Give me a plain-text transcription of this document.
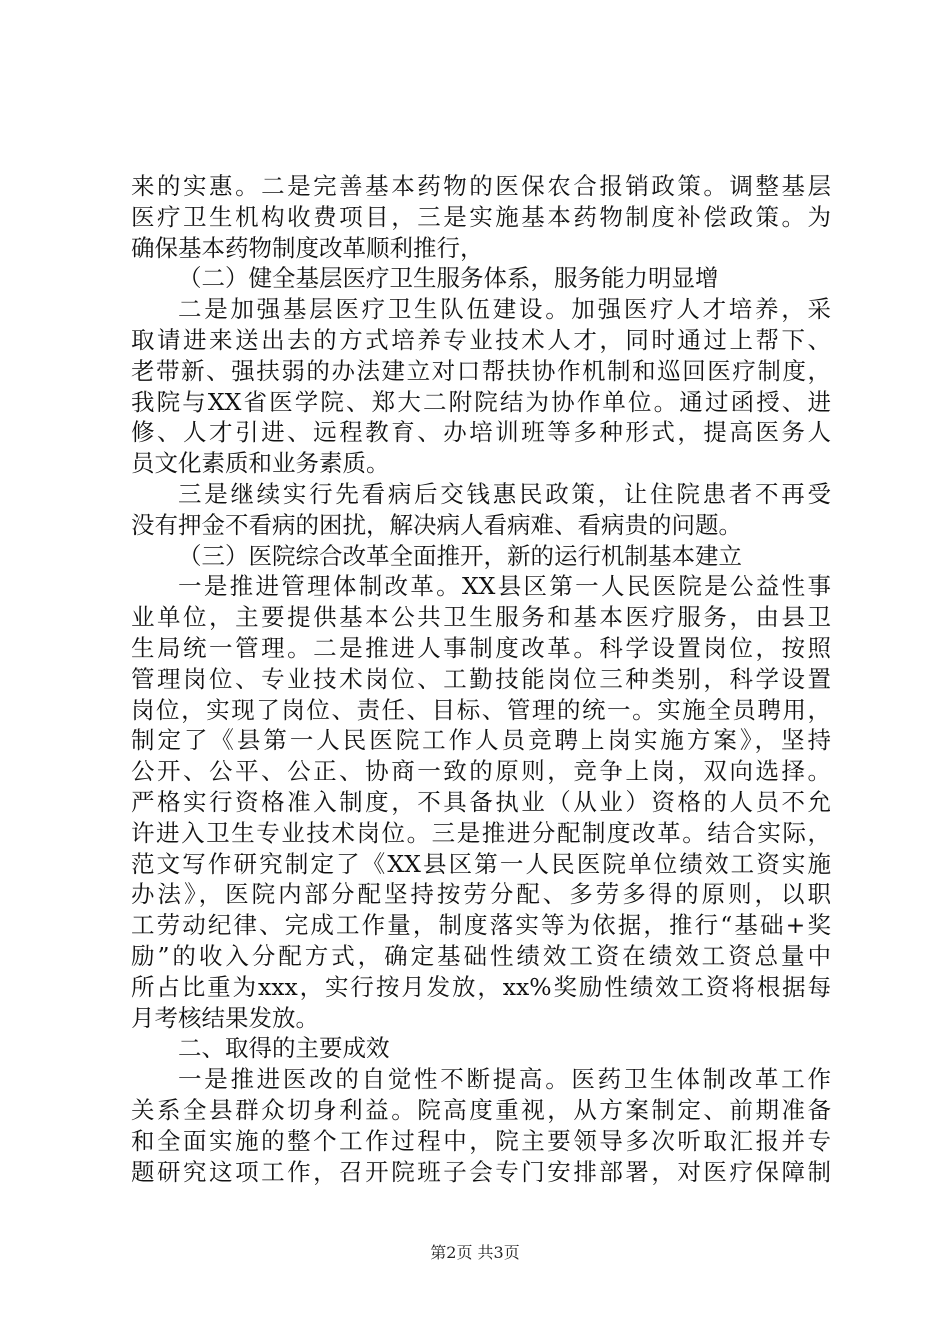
来的实惠。二是完善基本药物的医保农合报销政策。调整基层
医疗卫生机构收费项目，三是实施基本药物制度补偿政策。为
确保基本药物制度改革顺利推行，
（二）健全基层医疗卫生服务体系，服务能力明显增
二是加强基层医疗卫生队伍建设。加强医疗人才培养，采
取请进来送出去的方式培养专业技术人才，同时通过上帮下、
老带新、强扶弱的办法建立对口帮扶协作机制和巡回医疗制度，
我院与XX省医学院、郑大二附院结为协作单位。通过函授、进
修、人才引进、远程教育、办培训班等多种形式，提高医务人
员文化素质和业务素质。
三是继续实行先看病后交钱惠民政策，让住院患者不再受
没有押金不看病的困扰，解决病人看病难、看病贵的问题。
（三）医院综合改革全面推开，新的运行机制基本建立
一是推进管理体制改革。XX县区第一人民医院是公益性事
业单位，主要提供基本公共卫生服务和基本医疗服务，由县卫
生局统一管理。二是推进人事制度改革。科学设置岗位，按照
管理岗位、专业技术岗位、工勤技能岗位三种类别，科学设置
岗位，实现了岗位、责任、目标、管理的统一。实施全员聘用，
制定了《县第一人民医院工作人员竞聘上岗实施方案》，坚持
公开、公平、公正、协商一致的原则，竞争上岗，双向选择。
严格实行资格准入制度，不具备执业（从业）资格的人员不允
许进入卫生专业技术岗位。三是推进分配制度改革。结合实际，
范文写作研究制定了《XX县区第一人民医院单位绩效工资实施
办法》，医院内部分配坚持按劳分配、多劳多得的原则，以职
工劳动纪律、完成工作量，制度落实等为依据，推行“基础+奖
励”的收入分配方式，确定基础性绩效工资在绩效工资总量中
所占比重为xxx，实行按月发放，xx%奖励性绩效工资将根据每
月考核结果发放。
二、取得的主要成效
一是推进医改的自觉性不断提高。医药卫生体制改革工作
关系全县群众切身利益。院高度重视，从方案制定、前期准备
和全面实施的整个工作过程中，院主要领导多次听取汇报并专
题研究这项工作，召开院班子会专门安排部署，对医疗保障制
第2页 共3页
